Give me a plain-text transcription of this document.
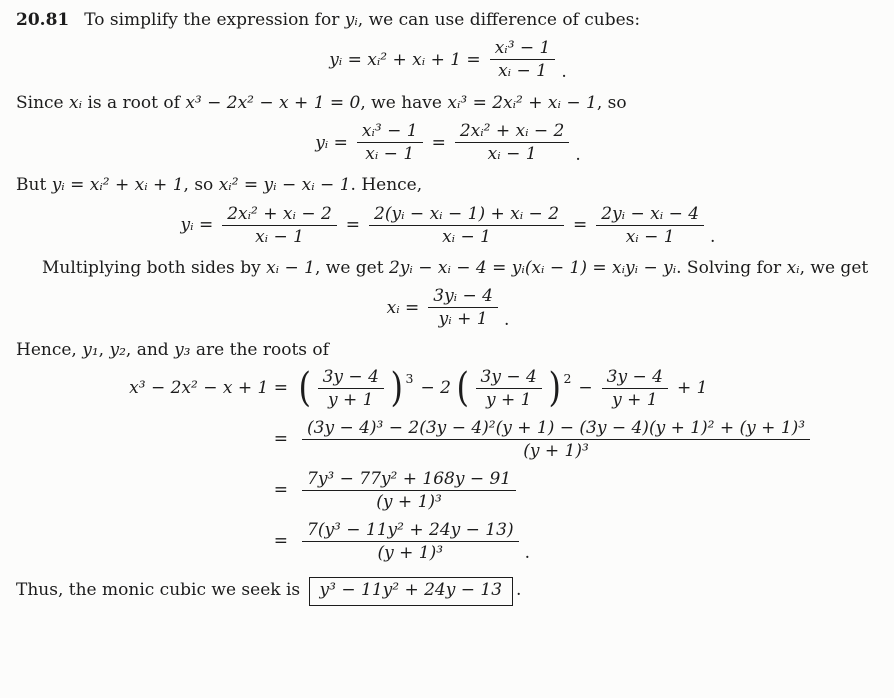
20.81 To simplify the expression for yᵢ, we can use difference of cubes:

yᵢ = xᵢ² + xᵢ + $1 = \frac{\text{xᵢ³ − 1}}{\text{xᵢ − 1}}$ .

Since xᵢ is a root of x³ − 2x² − x + 1 = 0, we have xᵢ³ = 2xᵢ² + xᵢ − 1, so

yᵢ = $\frac{\text{xᵢ³ − 1}}{\text{xᵢ − 1}} = \frac{\text{2xᵢ² + xᵢ − 2}}{\text{xᵢ − 1}}$ .

But yᵢ = xᵢ² + xᵢ + 1, so xᵢ² = yᵢ − xᵢ − 1. Hence,

yᵢ = $\frac{\text{2xᵢ² + xᵢ − 2}}{\text{xᵢ − 1}} = \frac{\text{2(yᵢ − xᵢ − 1) + xᵢ − 2}}{\text{xᵢ − 1}} = \frac{\text{2yᵢ − xᵢ − 4}}{\text{xᵢ − 1}}$ .

Multiplying both sides by xᵢ − 1, we get 2yᵢ − xᵢ − 4 = yᵢ(xᵢ − 1) = xᵢyᵢ − yᵢ. Solving for xᵢ, we get

xᵢ = $\frac{\text{3yᵢ − 4}}{\text{yᵢ + 1}}$ .

Hence, y₁, y₂, and y₃ are the roots of

x³ − 2x² − x + 1 = ( $\frac{3y - 4}{y + 1}$ ) 3
− 2 ( $\frac{3y - 4}{y + 1}$ ) 2
− $\frac{3y - 4}{y + 1} + 1$
= $\frac{\text{(3y − 4)³ − 2(3y − 4)²(y + 1) − (3y − 4)(y + 1)² + (y + 1)³}}{\text{(y + 1)³}}$
= $\frac{\text{7y³ − 77y² + 168y − 91}}{\text{(y + 1)³}}$
= $\frac{\text{7(y³ − 11y² + 24y − 13)}}{\text{(y + 1)³}}$ .

Thus, the monic cubic we seek is y³ − 11y² + 24y − 13 .
